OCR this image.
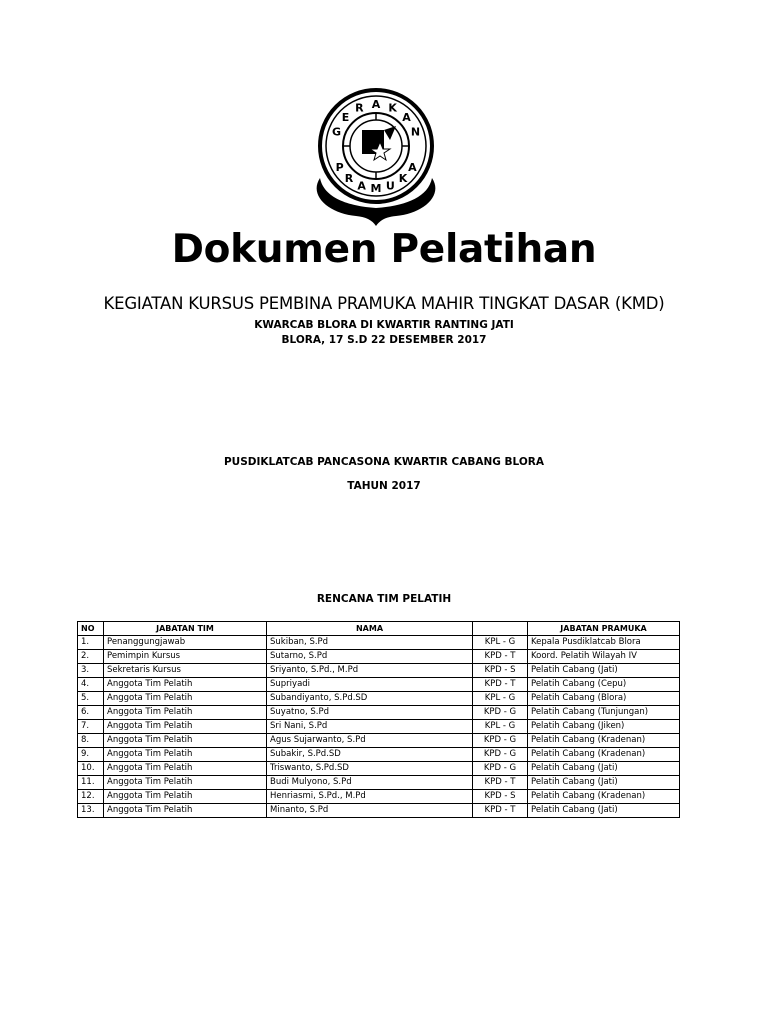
G
E
R A K
A
N
P
R
A M U
K
A
Dokumen Pelatihan
KEGIATAN KURSUS PEMBINA PRAMUKA MAHIR TINGKAT DASAR (KMD)
KWARCAB BLORA DI KWARTIR RANTING JATI
BLORA, 17 S.D 22 DESEMBER 2017
PUSDIKLATCAB PANCASONA KWARTIR CABANG BLORA
TAHUN 2017
RENCANA TIM PELATIH
NO	JABATAN TIM	NAMA		JABATAN PRAMUKA
1.	Penanggungjawab	Sukiban, S.Pd	KPL - G	Kepala Pusdiklatcab Blora
2.	Pemimpin Kursus	Sutarno, S.Pd	KPD - T	Koord. Pelatih Wilayah IV
3.	Sekretaris Kursus	Sriyanto, S.Pd., M.Pd	KPD - S	Pelatih Cabang (Jati)
4.	Anggota Tim Pelatih	Supriyadi	KPD - T	Pelatih Cabang (Cepu)
5.	Anggota Tim Pelatih	Subandiyanto, S.Pd.SD	KPL - G	Pelatih Cabang (Blora)
6.	Anggota Tim Pelatih	Suyatno, S.Pd	KPD - G	Pelatih Cabang (Tunjungan)
7.	Anggota Tim Pelatih	Sri Nani, S.Pd	KPL - G	Pelatih Cabang (Jiken)
8.	Anggota Tim Pelatih	Agus Sujarwanto, S.Pd	KPD - G	Pelatih Cabang (Kradenan)
9.	Anggota Tim Pelatih	Subakir, S.Pd.SD	KPD - G	Pelatih Cabang (Kradenan)
10.	Anggota Tim Pelatih	Triswanto, S.Pd.SD	KPD - G	Pelatih Cabang (Jati)
11.	Anggota Tim Pelatih	Budi Mulyono, S.Pd	KPD - T	Pelatih Cabang (Jati)
12.	Anggota Tim Pelatih	Henriasmi, S.Pd., M.Pd	KPD - S	Pelatih Cabang (Kradenan)
13.	Anggota Tim Pelatih	Minanto, S.Pd	KPD - T	Pelatih Cabang (Jati)
